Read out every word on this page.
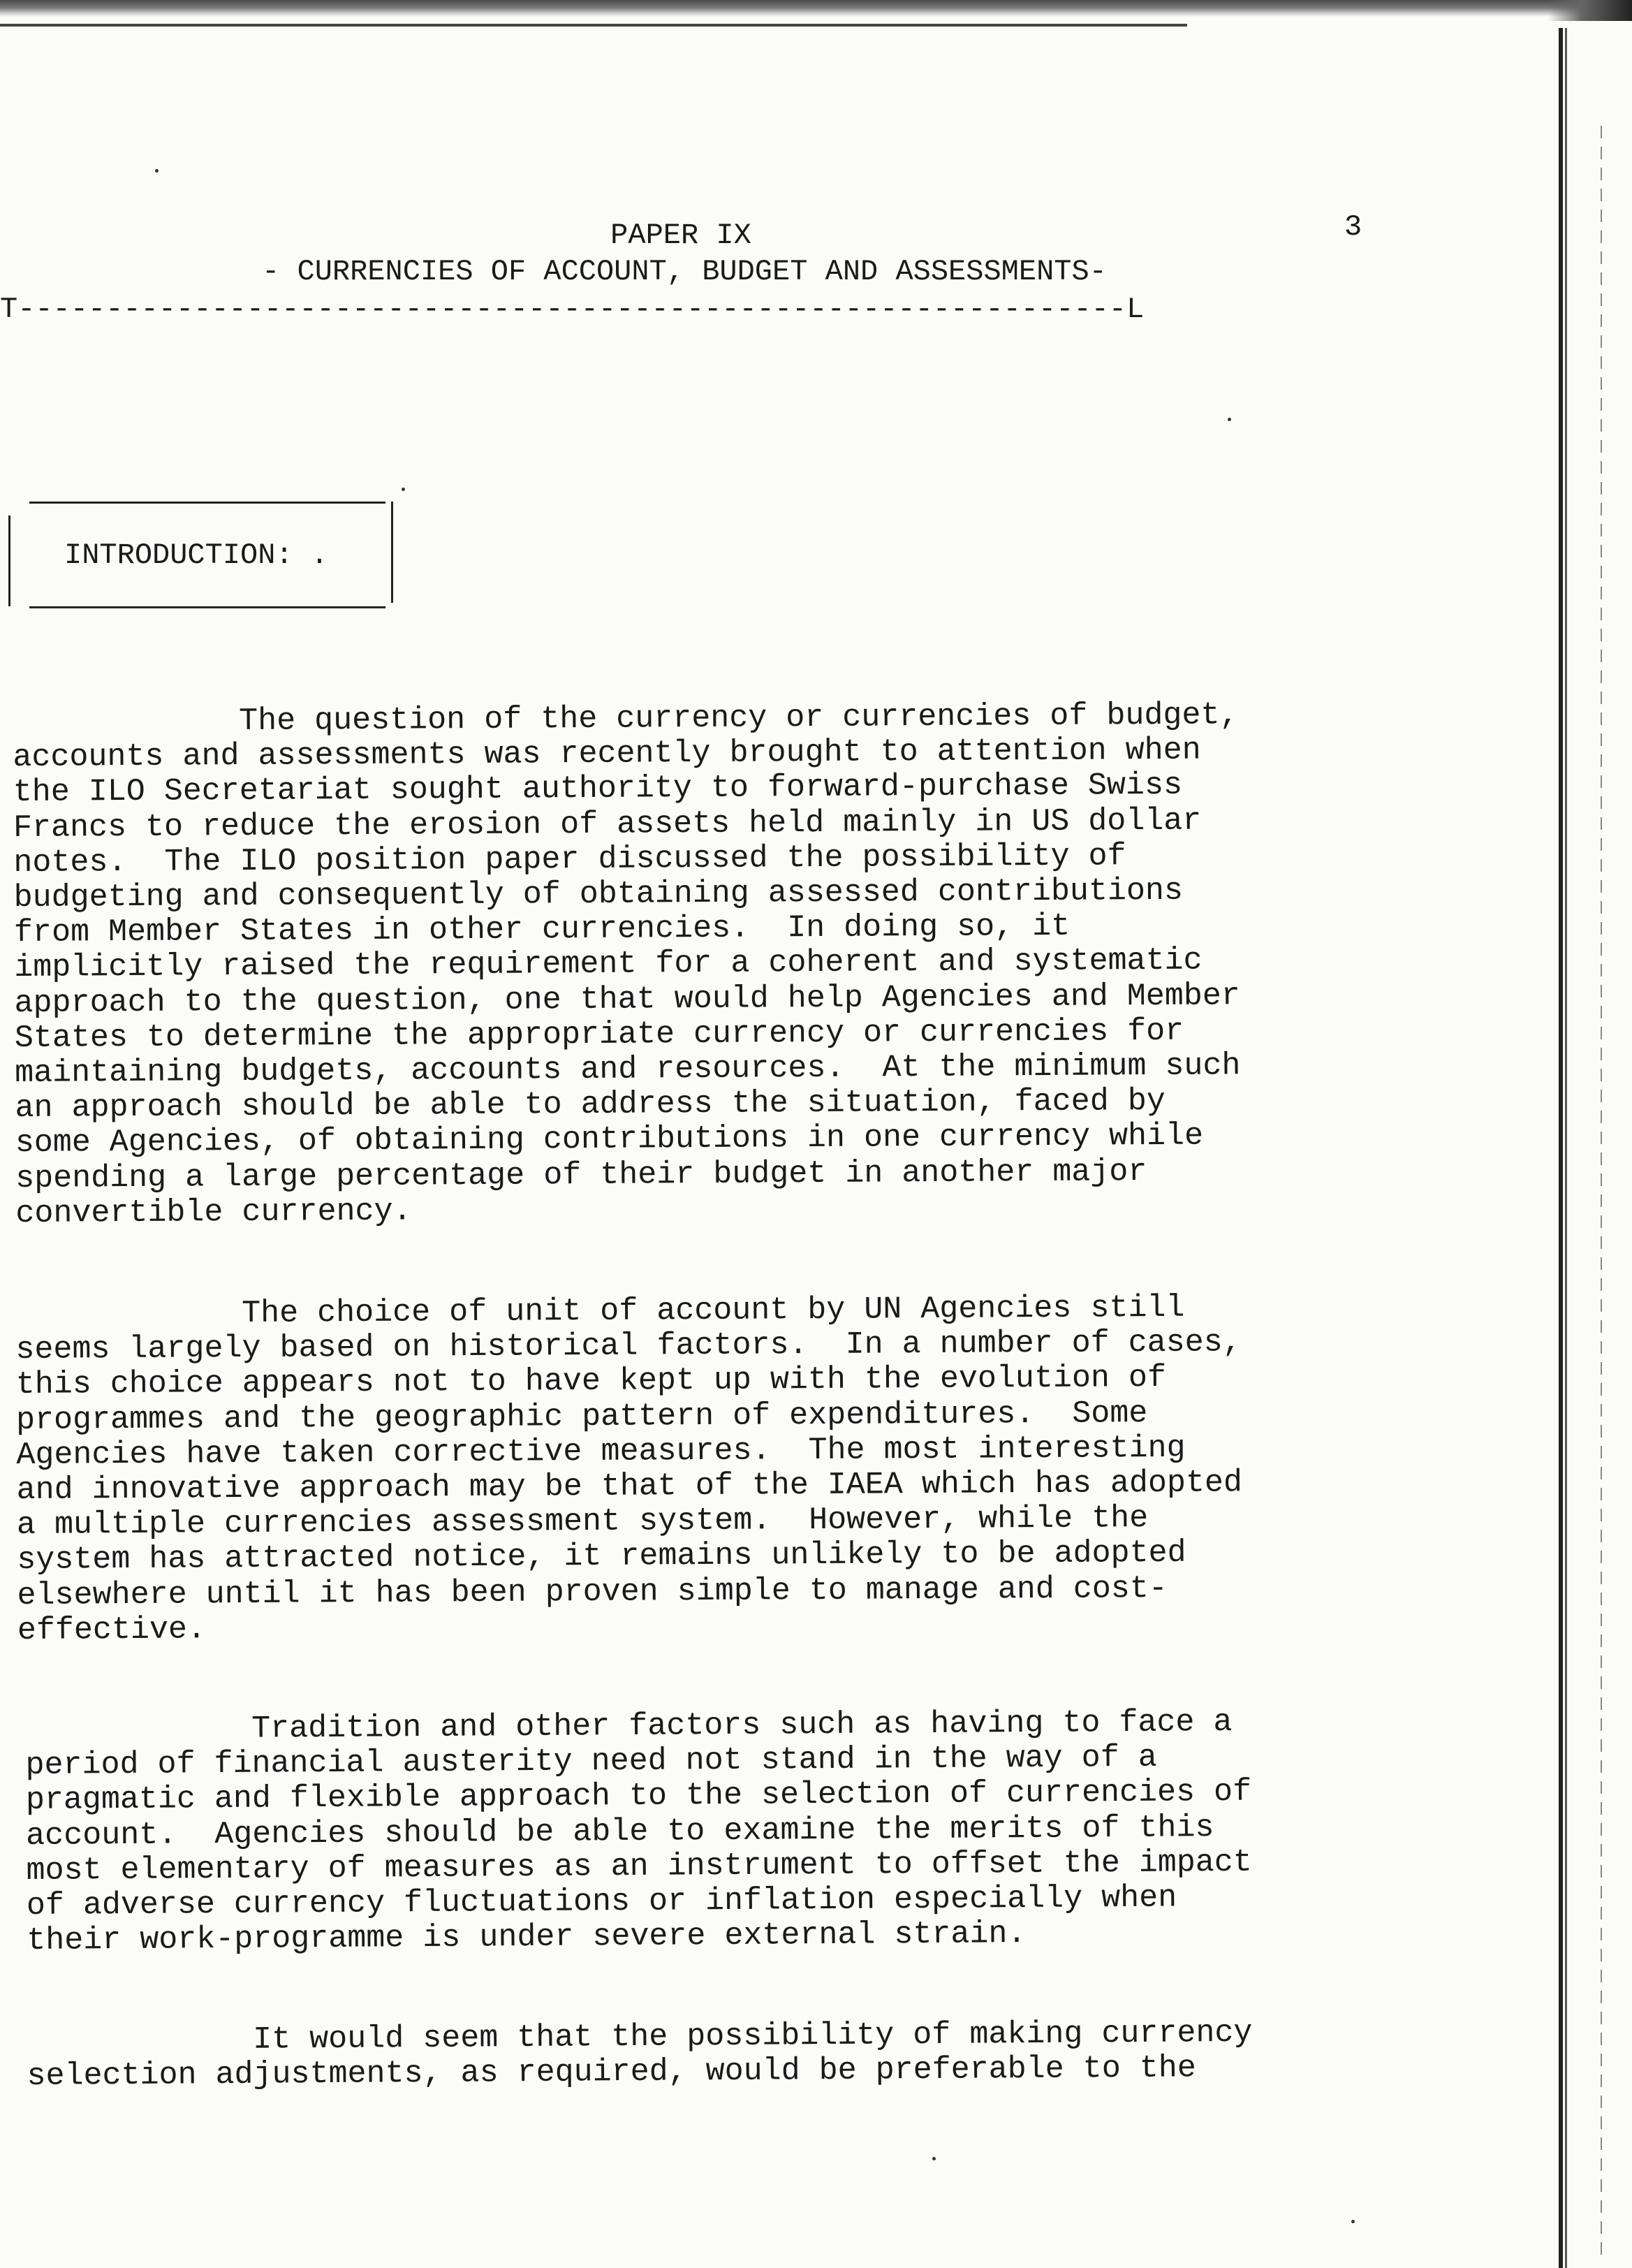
3
PAPER IX
- CURRENCIES OF ACCOUNT, BUDGET AND ASSESSMENTS-
T---------------------------------------------------------------L
INTRODUCTION: .
The question of the currency or currencies of budget,
accounts and assessments was recently brought to attention when
the ILO Secretariat sought authority to forward-purchase Swiss
Francs to reduce the erosion of assets held mainly in US dollar
notes.  The ILO position paper discussed the possibility of
budgeting and consequently of obtaining assessed contributions
from Member States in other currencies.  In doing so, it
implicitly raised the requirement for a coherent and systematic
approach to the question, one that would help Agencies and Member
States to determine the appropriate currency or currencies for
maintaining budgets, accounts and resources.  At the minimum such
an approach should be able to address the situation, faced by
some Agencies, of obtaining contributions in one currency while
spending a large percentage of their budget in another major
convertible currency.
The choice of unit of account by UN Agencies still
seems largely based on historical factors.  In a number of cases,
this choice appears not to have kept up with the evolution of
programmes and the geographic pattern of expenditures.  Some
Agencies have taken corrective measures.  The most interesting
and innovative approach may be that of the IAEA which has adopted
a multiple currencies assessment system.  However, while the
system has attracted notice, it remains unlikely to be adopted
elsewhere until it has been proven simple to manage and cost-
effective.
Tradition and other factors such as having to face a
period of financial austerity need not stand in the way of a
pragmatic and flexible approach to the selection of currencies of
account.  Agencies should be able to examine the merits of this
most elementary of measures as an instrument to offset the impact
of adverse currency fluctuations or inflation especially when
their work-programme is under severe external strain.
It would seem that the possibility of making currency
selection adjustments, as required, would be preferable to the
